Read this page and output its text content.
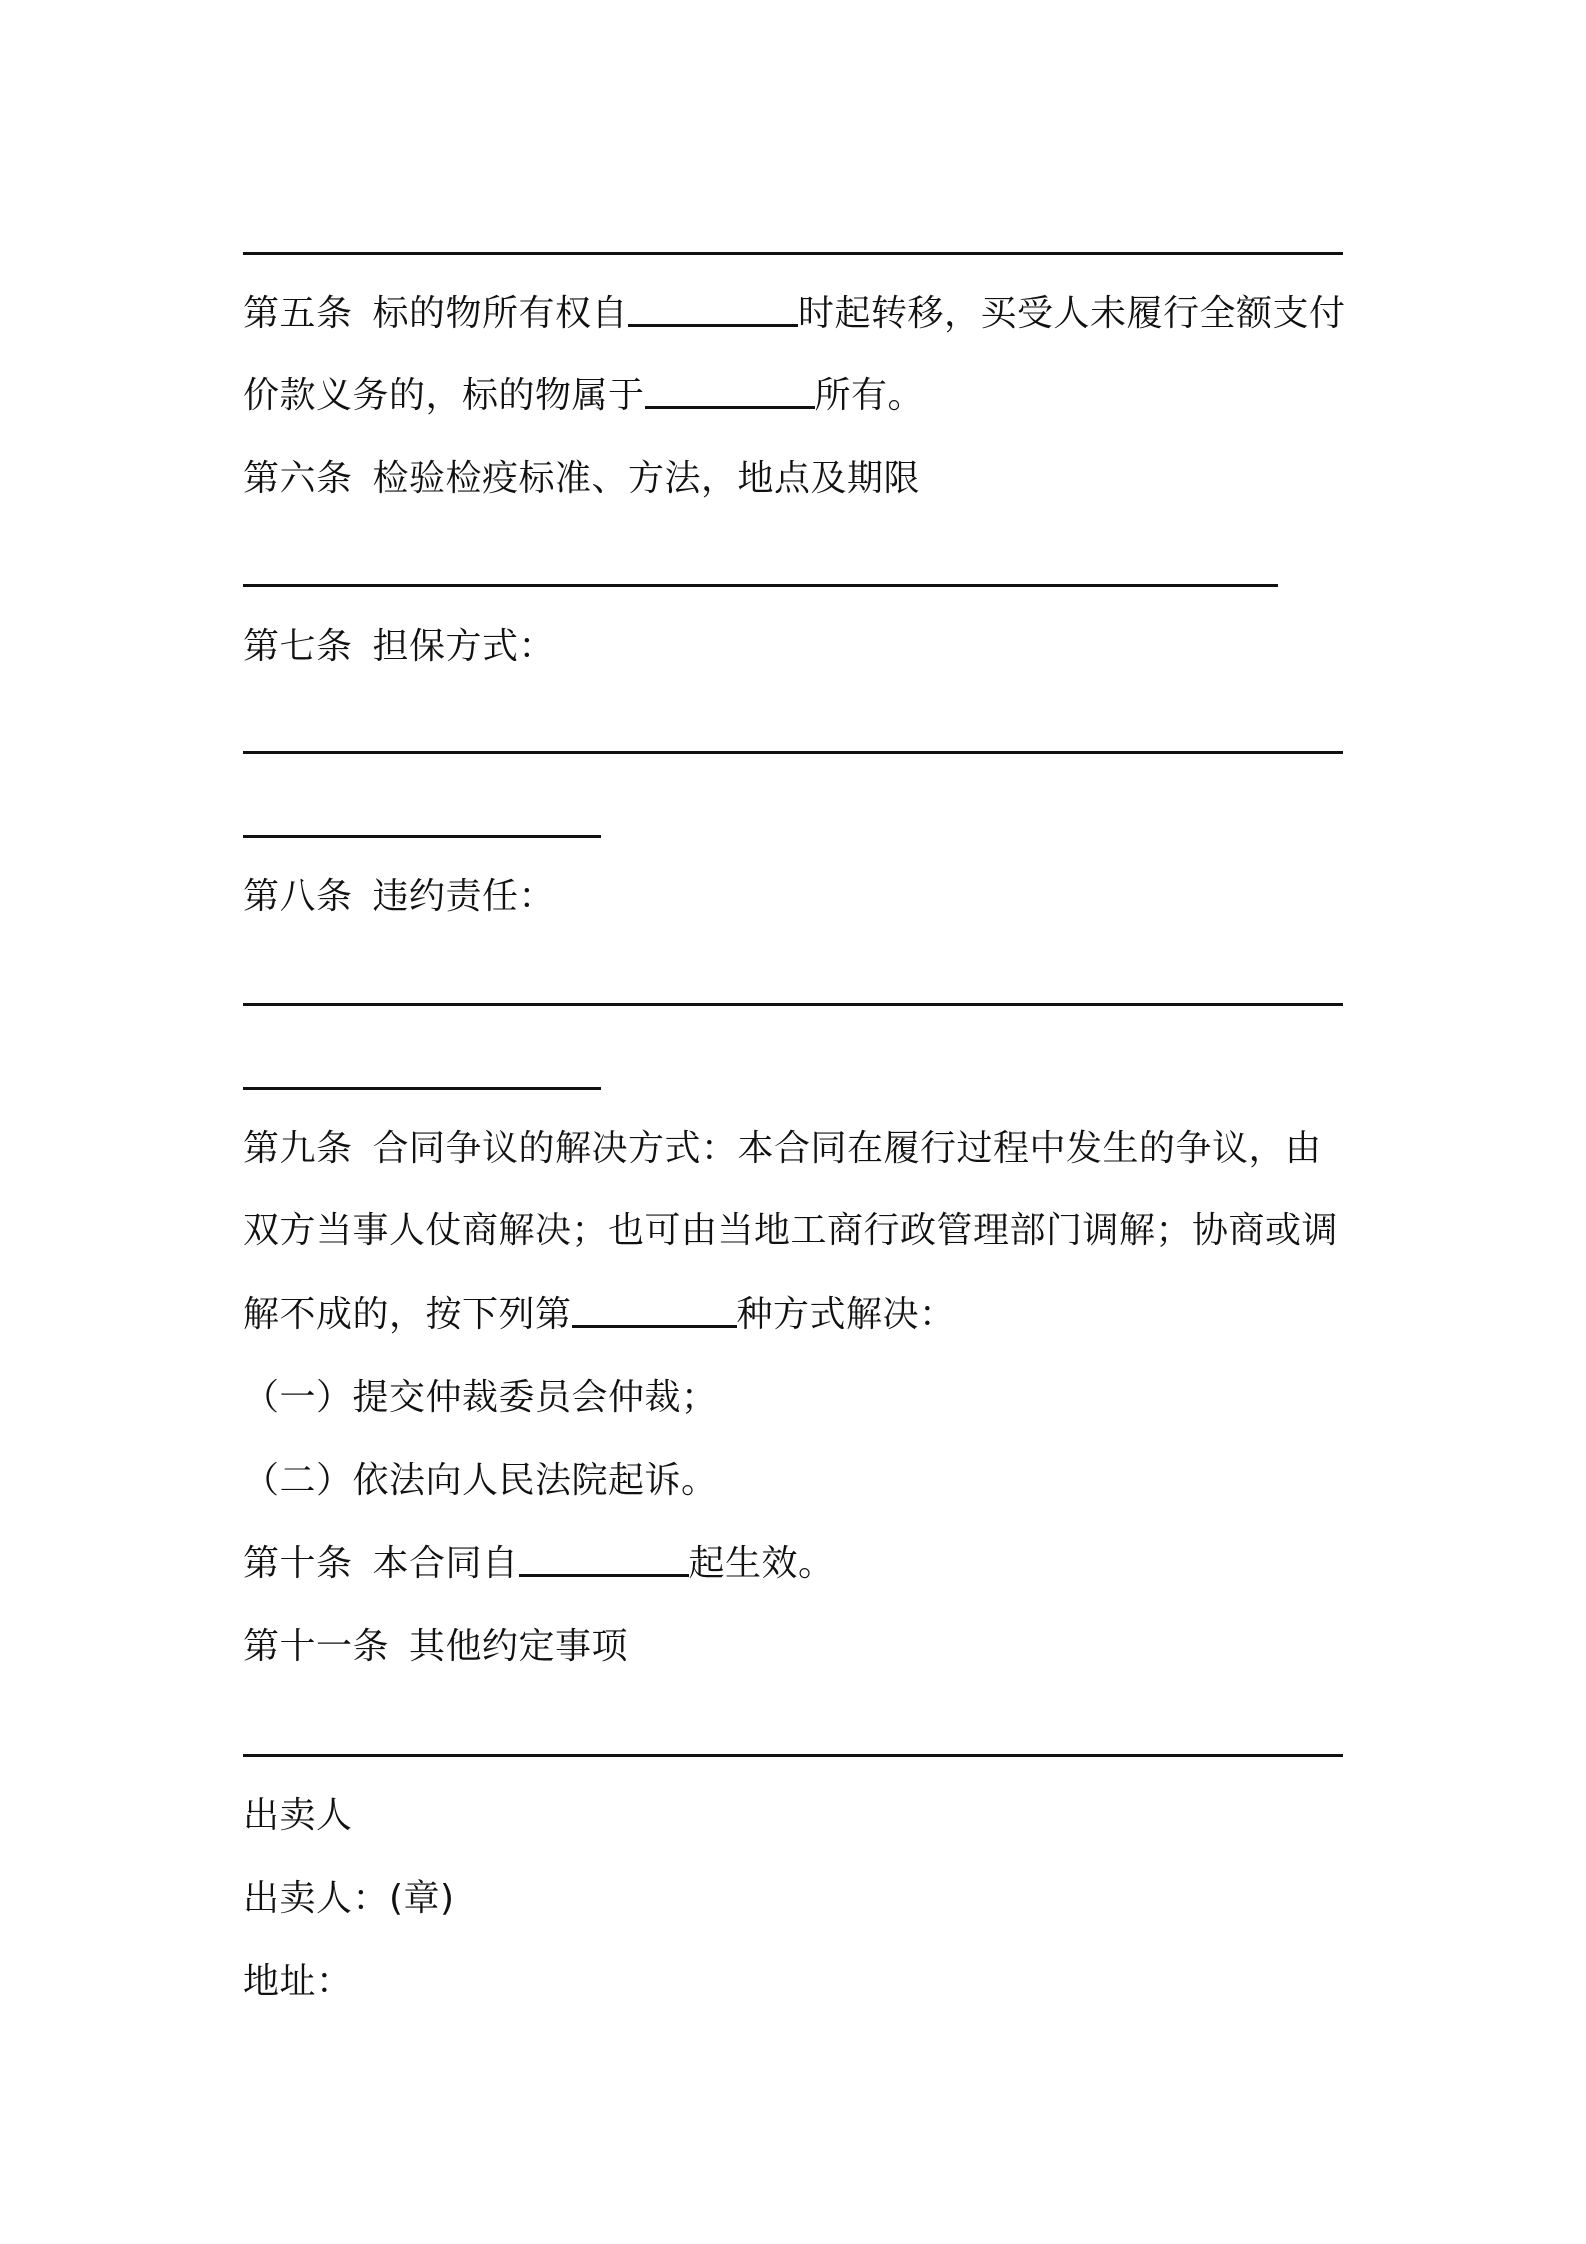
第五条 标的物所有权自	时起转移，买受人未履行全额支付
价款义务的，标的物属于	所有。
第六条 检验检疫标准、方法，地点及期限
第七条 担保方式：
第八条 违约责任：
第九条 合同争议的解决方式：本合同在履行过程中发生的争议，由
双方当事人仗商解决；也可由当地工商行政管理部门调解；协商或调
解不成的，按下列第	种方式解决：
（一）提交仲裁委员会仲裁；
（二）依法向人民法院起诉。
第十条 本合同自	起生效。
第十一条 其他约定事项
出卖人
出卖人：(章)
地址：
